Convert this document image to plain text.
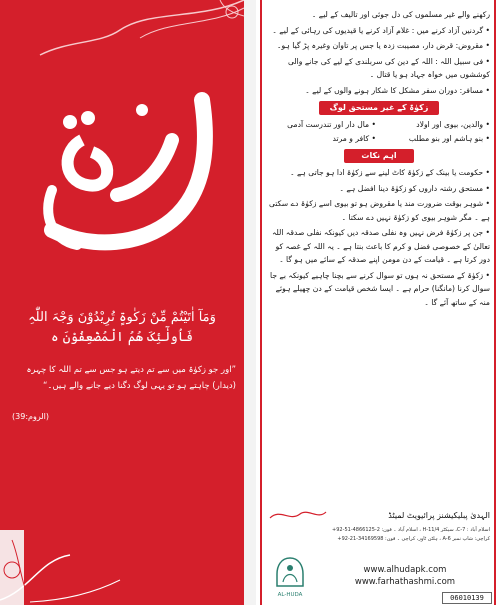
وَمَآ اٰتَیْتُمْ مِّنْ زَکٰوۃٍ تُرِیْدُوْنَ وَجْہَ اللّٰہِ
فَاُولٰٓئِکَ ھُمُ الْمُضْعِفُوْنَ ہ
”اور جو زکوٰۃ میں سے تم دیتے ہو جس سے تم اللہ کا چہرہ (دیدار) چاہتے ہو تو یہی لوگ دگنا دیے جانے والے ہیں۔“
(الروم:39)
رکھنے والے غیر مسلموں کی دل جوئی اور تالیف کے لیے ۔
• گردنیں آزاد کرنے میں : غلام آزاد کرنے یا قیدیوں کی رہائی کے لیے ۔
• مقروض: قرض دار، مصیبت زدہ یا جس پر تاوان وغیرہ پڑ گیا ہو۔
• فی سبیل اللہ : اللہ کے دین کی سربلندی کے لیے کی جانے والی کوششوں میں خواہ جہاد ہو یا قتال ۔
• مسافر: دوران سفر مشکل کا شکار ہونے والوں کے لیے ۔
زکوٰۃ کے غیر مستحق لوگ
• والدین، بیوی اور اولاد
• بنو ہاشم اور بنو مطلب
• مال دار اور تندرست آدمی
• کافر و مرتد
اہم نکات
• حکومت یا بینک کے زکوٰۃ کاٹ لینے سے زکوٰۃ ادا ہو جاتی ہے ۔
• مستحق رشتہ داروں کو زکوٰۃ دینا افضل ہے ۔
• شوہر بوقت ضرورت مند یا مقروض ہو تو بیوی اسے زکوٰۃ دے سکتی ہے ۔ مگر شوہر بیوی کو زکوٰۃ نہیں دے سکتا ۔
• جن پر زکوٰۃ فرض نہیں وہ نفلی صدقہ دیں کیونکہ نفلی صدقہ اللہ تعالیٰ کے خصوصی فضل و کرم کا باعث بنتا ہے ۔ یہ اللہ کے غصہ کو دور کرتا ہے ۔ قیامت کے دن مومن اپنے صدقہ کے سائے میں ہو گا ۔
• زکوٰۃ کے مستحق نہ ہوں تو سوال کرنے سے بچنا چاہیے کیونکہ بے جا سوال کرنا (مانگنا) حرام ہے ۔ ایسا شخص قیامت کے دن چھیلے ہوئے منہ کے ساتھ آئے گا ۔
الہدیٰ پبلیکیشنز پرائیویٹ لمیٹڈ
اسلام آباد : 7-C، سیکٹر H-11/4 ، اسلام آباد ۔ فون: 2-4866125-51-92+
کراچی: شاپ نمبر A-6 ، ہلٹن ٹاور، کراچی ۔ فون: 34169598-21-92+
AL-HUDA
www.alhudapk.com
www.farhathashmi.com
06010139
